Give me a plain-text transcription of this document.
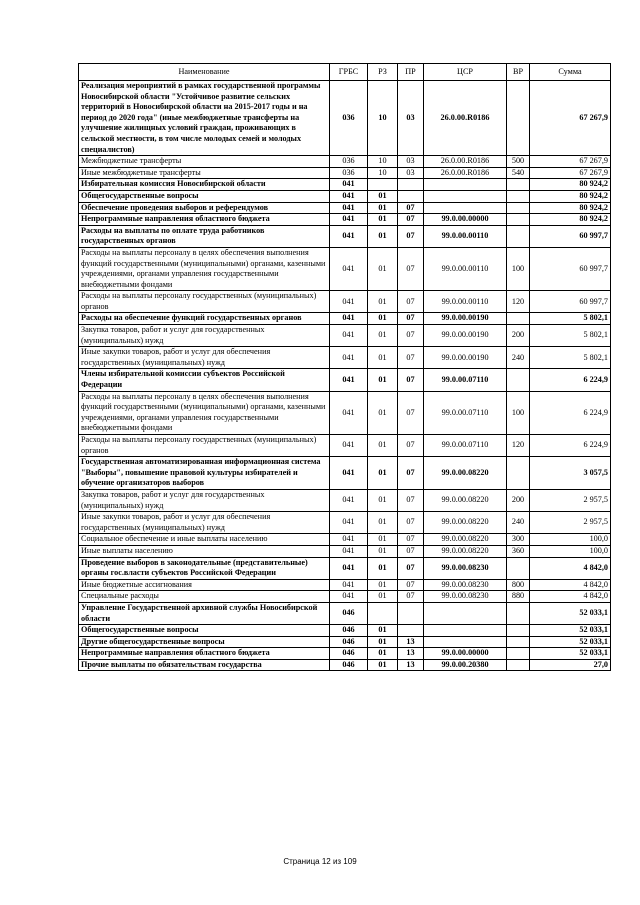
Наименование	ГРБС	РЗ	ПР	ЦСР	ВР	Сумма
Реализация мероприятий в рамках государственной программы Новосибирской области "Устойчивое развитие сельских территорий в Новосибирской области на 2015-2017 годы и на период до 2020 года" (иные межбюджетные трансферты на улучшение жилищных условий граждан, проживающих в сельской местности, в том числе молодых семей и молодых специалистов)	036	10	03	26.0.00.R0186		67 267,9
Межбюджетные трансферты	036	10	03	26.0.00.R0186	500	67 267,9
Иные межбюджетные трансферты	036	10	03	26.0.00.R0186	540	67 267,9
Избирательная комиссия Новосибирской области	041					80 924,2
Общегосударственные вопросы	041	01				80 924,2
Обеспечение проведения выборов и референдумов	041	01	07			80 924,2
Непрограммные направления областного бюджета	041	01	07	99.0.00.00000		80 924,2
Расходы на выплаты по оплате труда работников государственных органов	041	01	07	99.0.00.00110		60 997,7
Расходы на выплаты персоналу в целях обеспечения выполнения функций государственными (муниципальными) органами, казенными учреждениями, органами управления государственными внебюджетными фондами	041	01	07	99.0.00.00110	100	60 997,7
Расходы на выплаты персоналу государственных (муниципальных) органов	041	01	07	99.0.00.00110	120	60 997,7
Расходы на обеспечение функций государственных органов	041	01	07	99.0.00.00190		5 802,1
Закупка товаров, работ и услуг для государственных (муниципальных) нужд	041	01	07	99.0.00.00190	200	5 802,1
Иные закупки товаров, работ и услуг для обеспечения государственных (муниципальных) нужд	041	01	07	99.0.00.00190	240	5 802,1
Члены избирательной комиссии субъектов Российской Федерации	041	01	07	99.0.00.07110		6 224,9
Расходы на выплаты персоналу в целях обеспечения выполнения функций государственными (муниципальными) органами, казенными учреждениями, органами управления государственными внебюджетными фондами	041	01	07	99.0.00.07110	100	6 224,9
Расходы на выплаты персоналу государственных (муниципальных) органов	041	01	07	99.0.00.07110	120	6 224,9
Государственная автоматизированная информационная система "Выборы", повышение правовой культуры избирателей и обучение организаторов выборов	041	01	07	99.0.00.08220		3 057,5
Закупка товаров, работ и услуг для государственных (муниципальных) нужд	041	01	07	99.0.00.08220	200	2 957,5
Иные закупки товаров, работ и услуг для обеспечения государственных (муниципальных) нужд	041	01	07	99.0.00.08220	240	2 957,5
Социальное обеспечение и иные выплаты населению	041	01	07	99.0.00.08220	300	100,0
Иные выплаты населению	041	01	07	99.0.00.08220	360	100,0
Проведение выборов в законодательные (представительные) органы гос.власти субъектов Российской Федерации	041	01	07	99.0.00.08230		4 842,0
Иные бюджетные ассигнования	041	01	07	99.0.00.08230	800	4 842,0
Специальные расходы	041	01	07	99.0.00.08230	880	4 842,0
Управление Государственной архивной службы Новосибирской области	046					52 033,1
Общегосударственные вопросы	046	01				52 033,1
Другие общегосударственные вопросы	046	01	13			52 033,1
Непрограммные направления областного бюджета	046	01	13	99.0.00.00000		52 033,1
Прочие выплаты по обязательствам государства	046	01	13	99.0.00.20380		27,0
Страница 12 из 109
